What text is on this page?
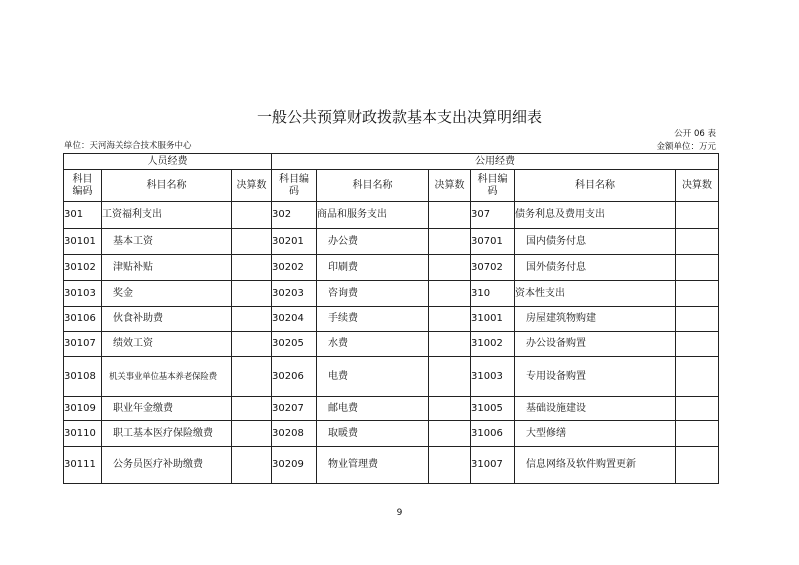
一般公共预算财政拨款基本支出决算明细表
公开 06 表
单位：天河海关综合技术服务中心	金额单位：万元
人员经费			公用经费					
科目编码	科目名称	决算数	科目编码	科目名称	决算数	科目编码	科目名称	决算数
301	工资福利支出		302	商品和服务支出		307	债务利息及费用支出	
30101	基本工资		30201	办公费		30701	国内债务付息	
30102	津贴补贴		30202	印刷费		30702	国外债务付息	
30103	奖金		30203	咨询费		310	资本性支出	
30106	伙食补助费		30204	手续费		31001	房屋建筑物购建	
30107	绩效工资		30205	水费		31002	办公设备购置	
30108	机关事业单位基本养老保险费		30206	电费		31003	专用设备购置	
30109	职业年金缴费		30207	邮电费		31005	基础设施建设	
30110	职工基本医疗保险缴费		30208	取暖费		31006	大型修缮	
30111	公务员医疗补助缴费		30209	物业管理费		31007	信息网络及软件购置更新	
9
